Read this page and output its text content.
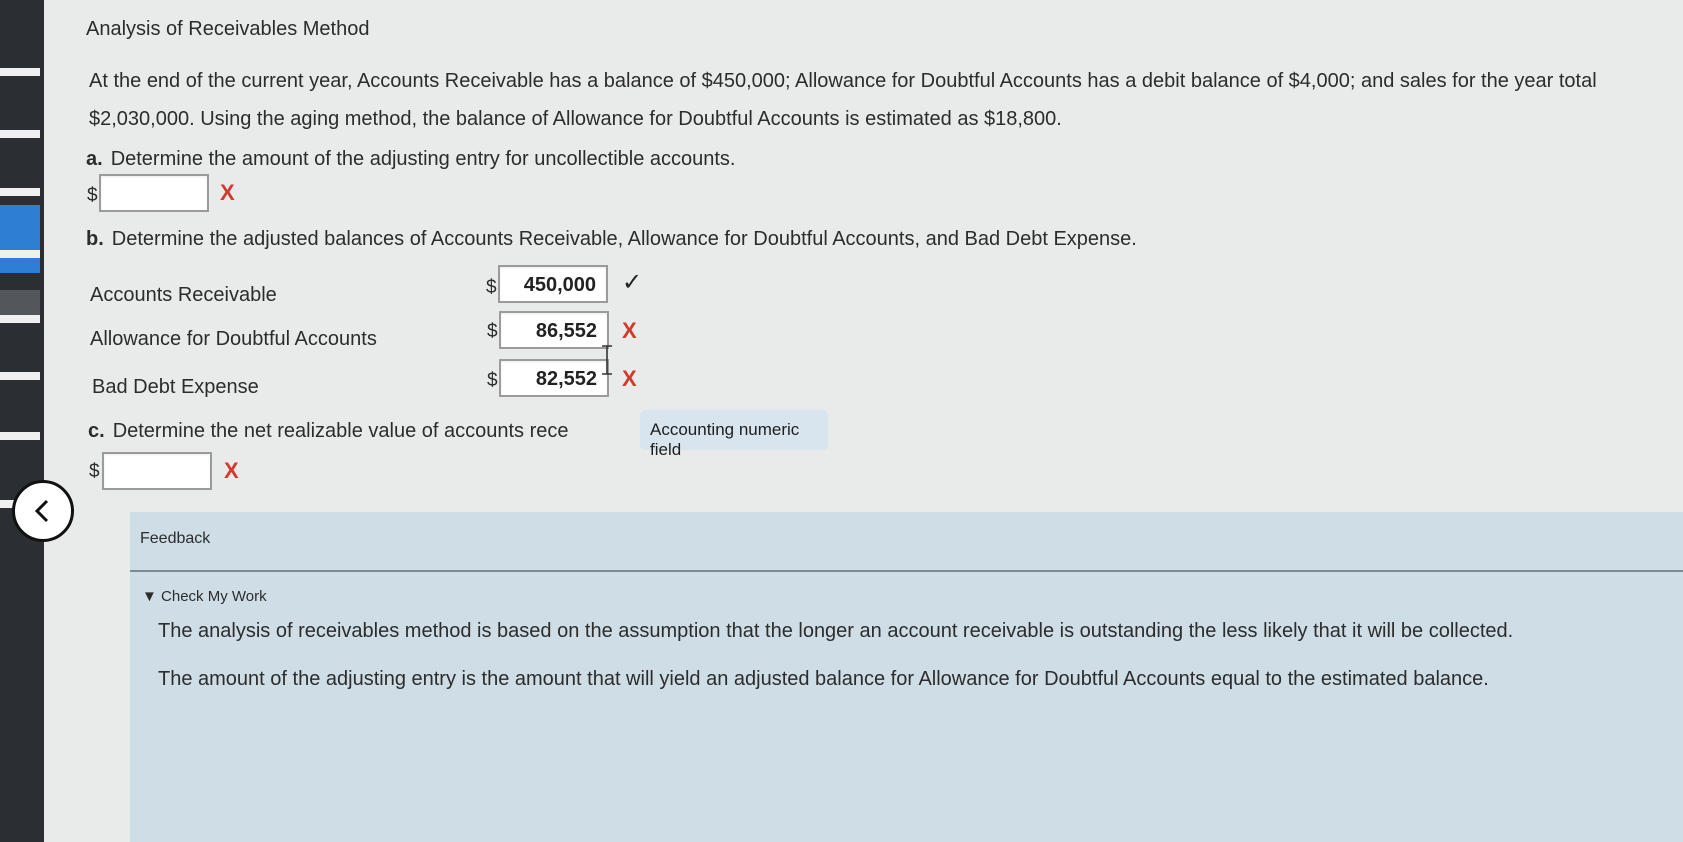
Analysis of Receivables Method
At the end of the current year, Accounts Receivable has a balance of $450,000; Allowance for Doubtful Accounts has a debit balance of $4,000; and sales for the year total $2,030,000. Using the aging method, the balance of Allowance for Doubtful Accounts is estimated as $18,800.
a. Determine the amount of the adjusting entry for uncollectible accounts.
$	X
b. Determine the adjusted balances of Accounts Receivable, Allowance for Doubtful Accounts, and Bad Debt Expense.
Accounts Receivable	$	450,000	✓
Allowance for Doubtful Accounts	$	86,552	X
Bad Debt Expense	$	82,552	X
c. Determine the net realizable value of accounts rece
$	X
Accounting numeric field
Feedback
▼ Check My Work

The analysis of receivables method is based on the assumption that the longer an account receivable is outstanding the less likely that it will be collected.

The amount of the adjusting entry is the amount that will yield an adjusted balance for Allowance for Doubtful Accounts equal to the estimated balance.
